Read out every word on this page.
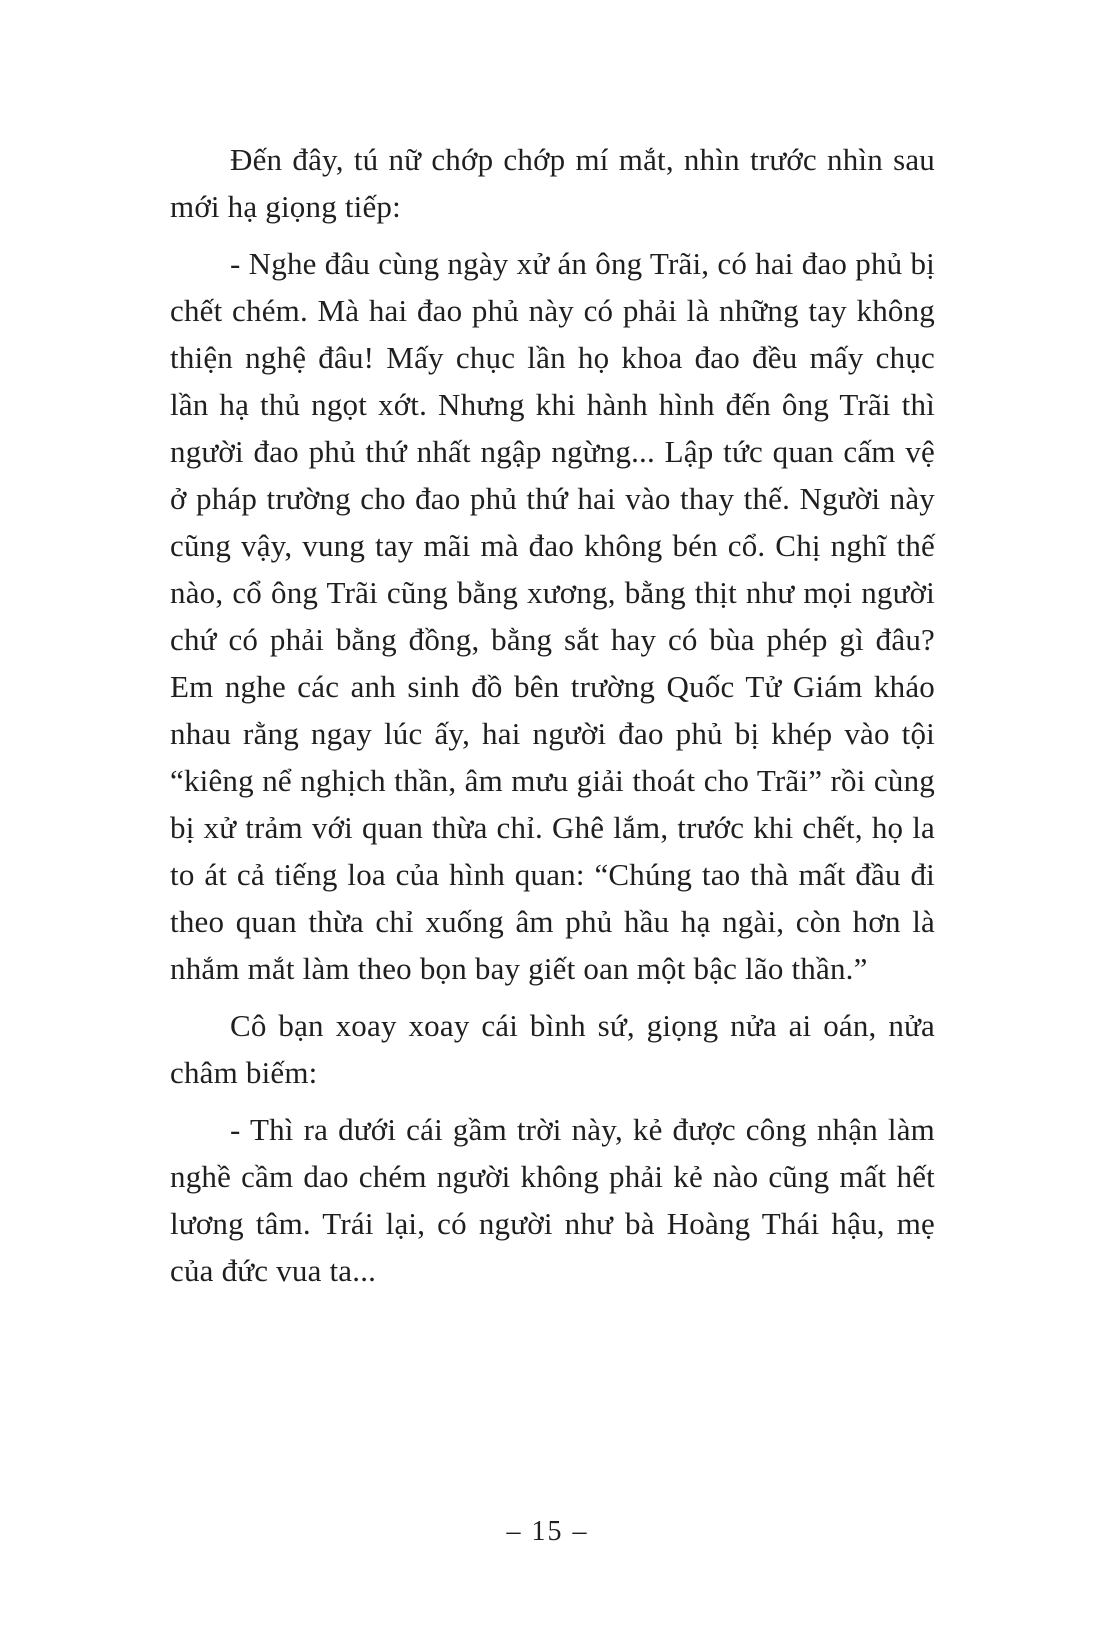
Đến đây, tú nữ chớp chớp mí mắt, nhìn trước nhìn sau mới hạ giọng tiếp:

- Nghe đâu cùng ngày xử án ông Trãi, có hai đao phủ bị chết chém. Mà hai đao phủ này có phải là những tay không thiện nghệ đâu! Mấy chục lần họ khoa đao đều mấy chục lần hạ thủ ngọt xớt. Nhưng khi hành hình đến ông Trãi thì người đao phủ thứ nhất ngập ngừng... Lập tức quan cấm vệ ở pháp trường cho đao phủ thứ hai vào thay thế. Người này cũng vậy, vung tay mãi mà đao không bén cổ. Chị nghĩ thế nào, cổ ông Trãi cũng bằng xương, bằng thịt như mọi người chứ có phải bằng đồng, bằng sắt hay có bùa phép gì đâu? Em nghe các anh sinh đồ bên trường Quốc Tử Giám kháo nhau rằng ngay lúc ấy, hai người đao phủ bị khép vào tội “kiêng nể nghịch thần, âm mưu giải thoát cho Trãi” rồi cùng bị xử trảm với quan thừa chỉ. Ghê lắm, trước khi chết, họ la to át cả tiếng loa của hình quan: “Chúng tao thà mất đầu đi theo quan thừa chỉ xuống âm phủ hầu hạ ngài, còn hơn là nhắm mắt làm theo bọn bay giết oan một bậc lão thần.”

Cô bạn xoay xoay cái bình sứ, giọng nửa ai oán, nửa châm biếm:

- Thì ra dưới cái gầm trời này, kẻ được công nhận làm nghề cầm dao chém người không phải kẻ nào cũng mất hết lương tâm. Trái lại, có người như bà Hoàng Thái hậu, mẹ của đức vua ta...

– 15 –
